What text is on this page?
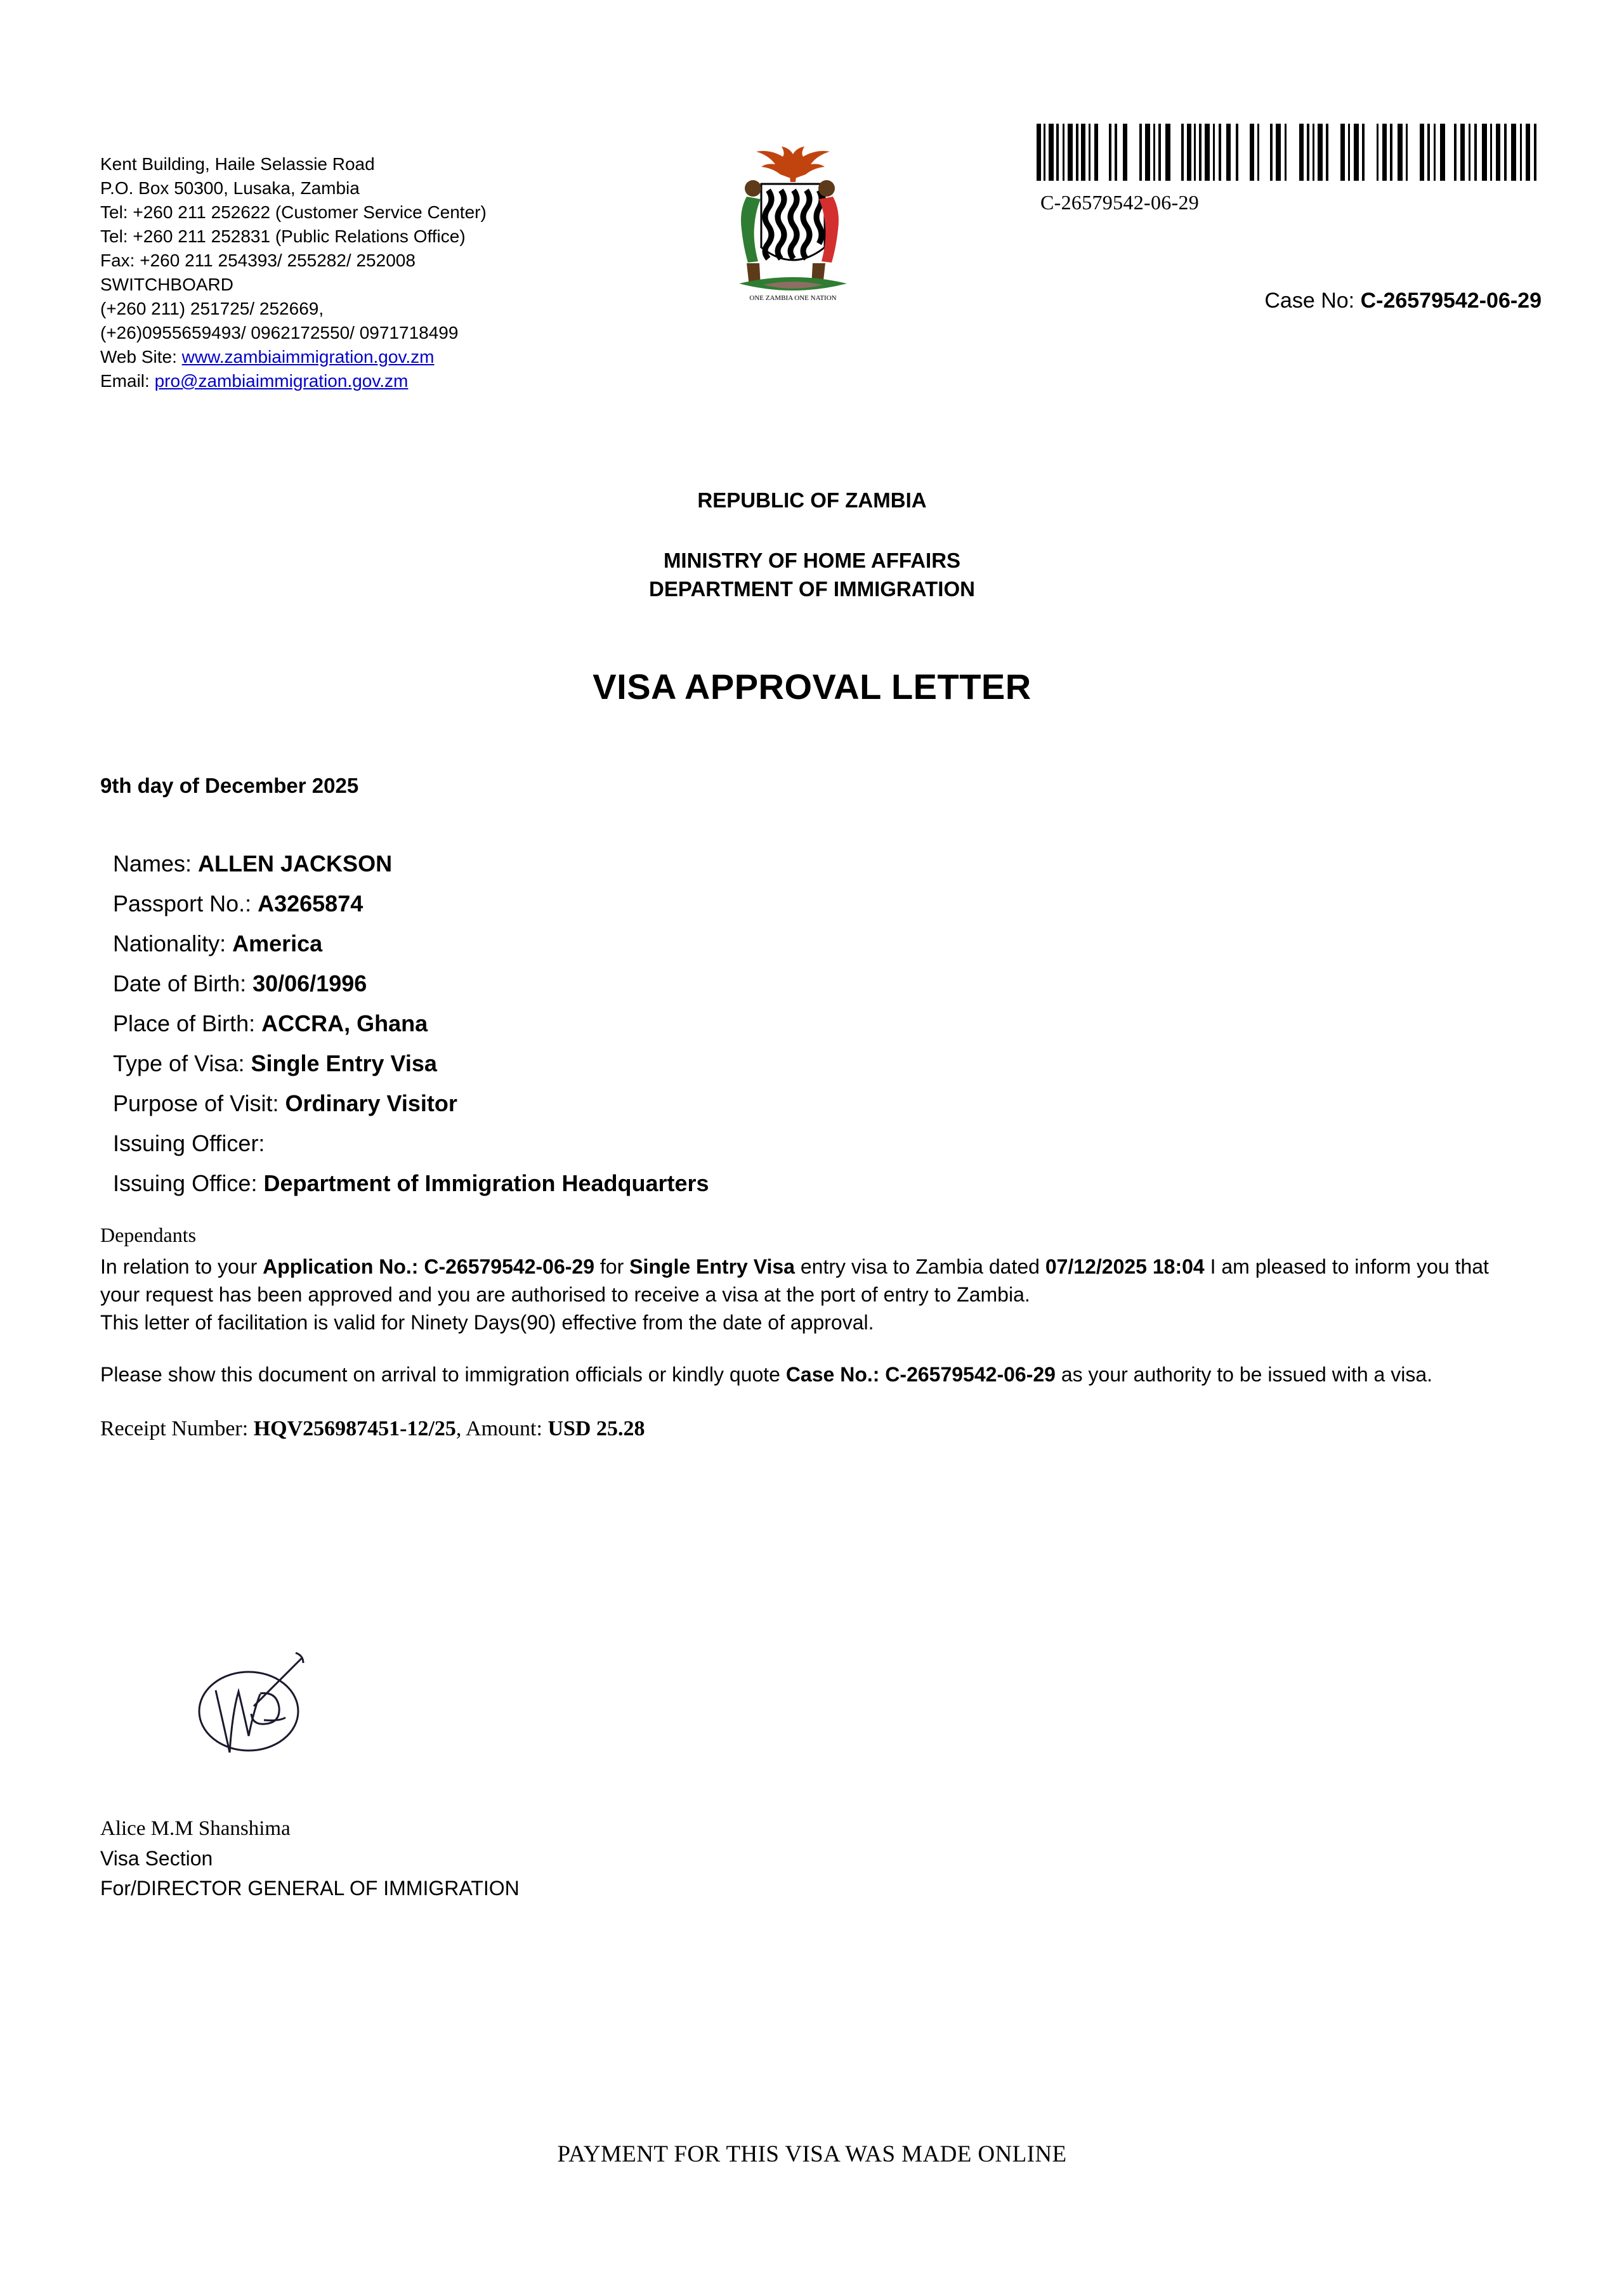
Kent Building, Haile Selassie Road
P.O. Box 50300, Lusaka, Zambia
Tel: +260 211 252622 (Customer Service Center)
Tel: +260 211 252831 (Public Relations Office)
Fax: +260 211 254393/ 255282/ 252008 SWITCHBOARD
(+260 211) 251725/ 252669,
(+26)0955659493/ 0962172550/ 0971718499
Web Site: www.zambiaimmigration.gov.zm
Email: pro@zambiaimmigration.gov.zm
ONE ZAMBIA ONE NATION
C-26579542-06-29
Case No: C-26579542-06-29
REPUBLIC OF ZAMBIA
MINISTRY OF HOME AFFAIRS
DEPARTMENT OF IMMIGRATION
VISA APPROVAL LETTER
9th day of December 2025
Names: ALLEN JACKSON
Passport No.: A3265874
Nationality: America
Date of Birth: 30/06/1996
Place of Birth: ACCRA, Ghana
Type of Visa: Single Entry Visa
Purpose of Visit: Ordinary Visitor
Issuing Officer:
Issuing Office: Department of Immigration Headquarters
Dependants

In relation to your Application No.: C-26579542-06-29 for Single Entry Visa entry visa to Zambia dated 07/12/2025 18:04 I am pleased to inform you that your request has been approved and you are authorised to receive a visa at the port of entry to Zambia.

This letter of facilitation is valid for Ninety Days(90) effective from the date of approval.

Please show this document on arrival to immigration officials or kindly quote Case No.: C-26579542-06-29 as your authority to be issued with a visa.

Receipt Number: HQV256987451-12/25, Amount: USD 25.28
Alice M.M Shanshima
Visa Section
For/DIRECTOR GENERAL OF IMMIGRATION
PAYMENT FOR THIS VISA WAS MADE ONLINE
